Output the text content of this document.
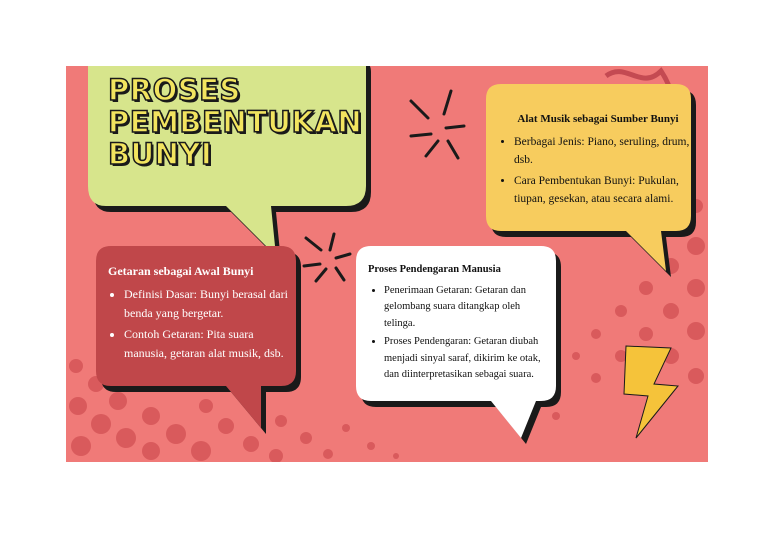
PROSES
PEMBENTUKAN
BUNYI
Getaran sebagai Awal Bunyi
• Definisi Dasar: Bunyi berasal dari benda yang bergetar.
• Contoh Getaran: Pita suara manusia, getaran alat musik, dsb.
Proses Pendengaran Manusia
• Penerimaan Getaran: Getaran dan gelombang suara ditangkap oleh telinga.
• Proses Pendengaran: Getaran diubah menjadi sinyal saraf, dikirim ke otak, dan diinterpretasikan sebagai suara.
Alat Musik sebagai Sumber Bunyi
• Berbagai Jenis: Piano, seruling, drum, dsb.
• Cara Pembentukan Bunyi: Pukulan, tiupan, gesekan, atau secara alami.
